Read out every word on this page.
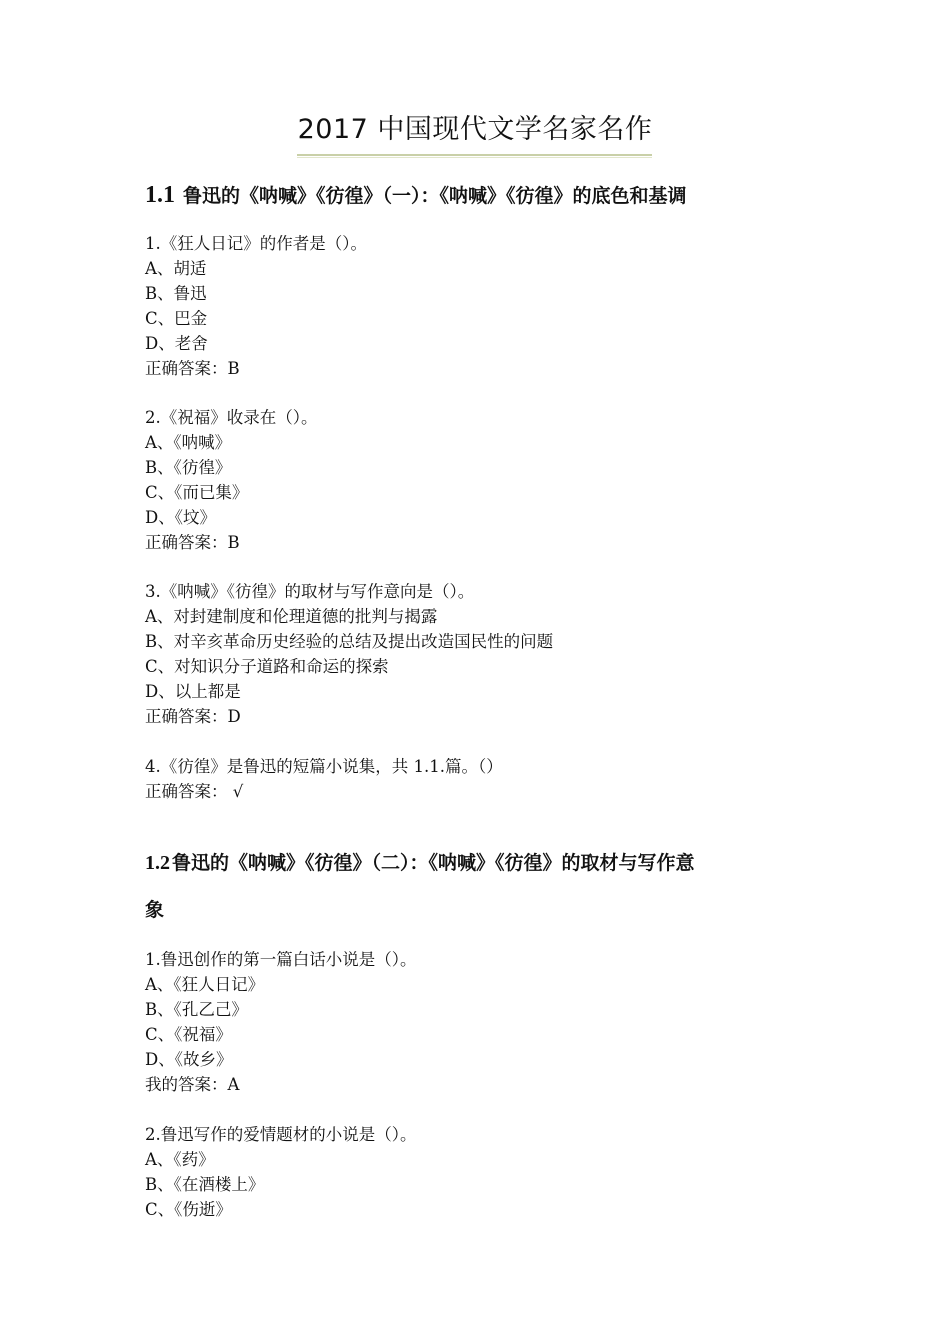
2017 中国现代文学名家名作
1.1 鲁迅的《呐喊》《彷徨》（一）：《呐喊》《彷徨》的底色和基调
1.《狂人日记》的作者是（）。
A、胡适
B、鲁迅
C、巴金
D、老舍
正确答案：B
2.《祝福》收录在（）。
A、《呐喊》
B、《彷徨》
C、《而已集》
D、《坟》
正确答案：B
3.《呐喊》《彷徨》的取材与写作意向是（）。
A、对封建制度和伦理道德的批判与揭露
B、对辛亥革命历史经验的总结及提出改造国民性的问题
C、对知识分子道路和命运的探索
D、以上都是
正确答案：D
4.《彷徨》是鲁迅的短篇小说集，共 1.1.篇。（）
正确答案： √
1.2 鲁迅的《呐喊》《彷徨》（二）：《呐喊》《彷徨》的取材与写作意
象
1.鲁迅创作的第一篇白话小说是（）。
A、《狂人日记》
B、《孔乙己》
C、《祝福》
D、《故乡》
我的答案：A
2.鲁迅写作的爱情题材的小说是（）。
A、《药》
B、《在酒楼上》
C、《伤逝》
